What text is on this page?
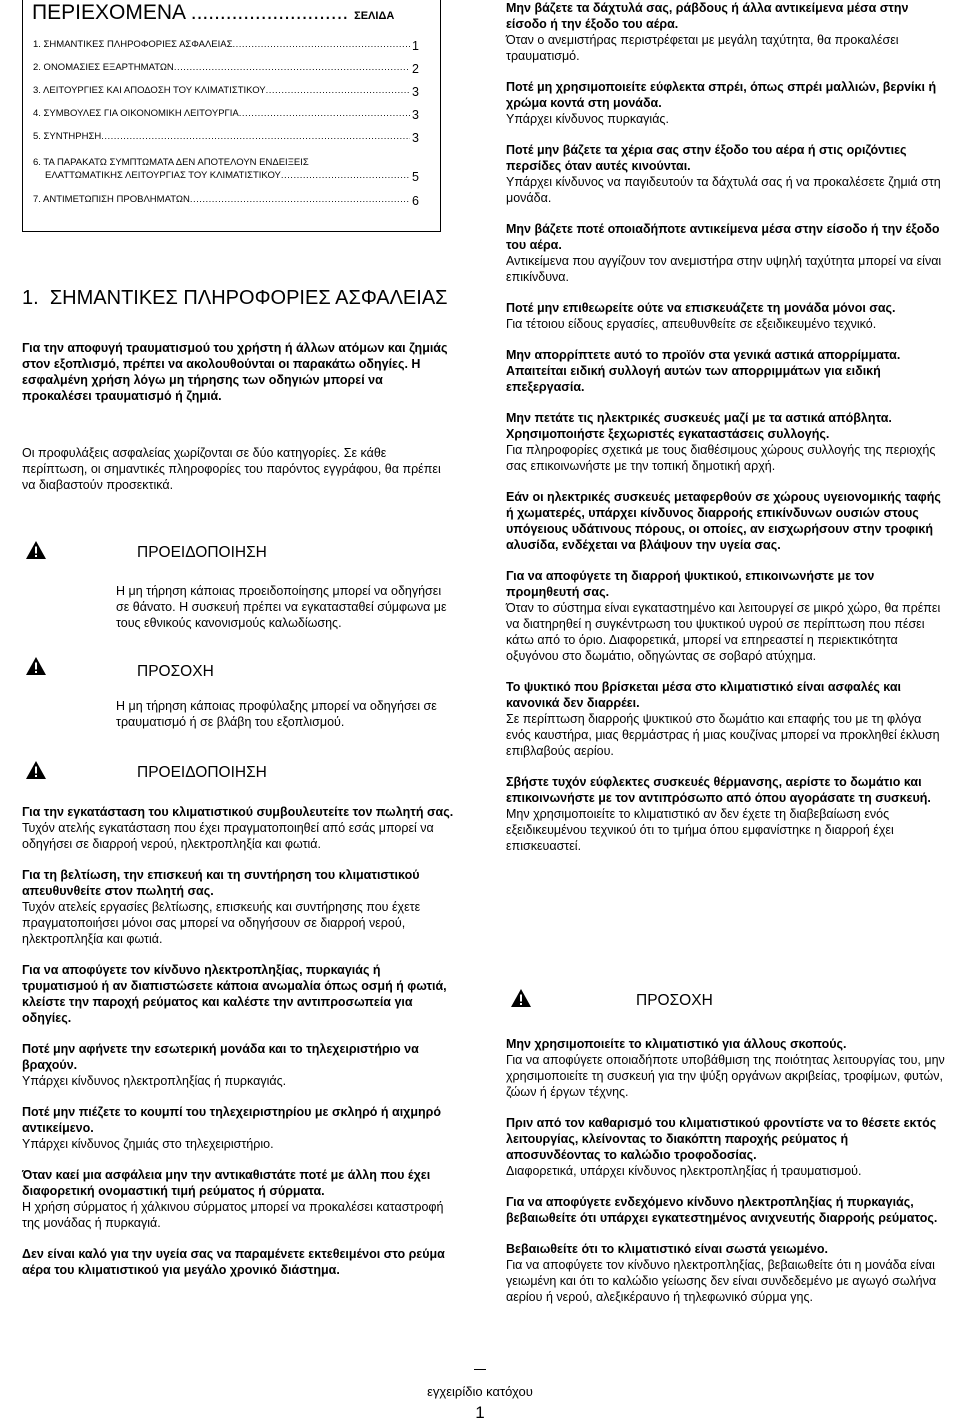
ΠΕΡΙΕΧΟΜΕΝΑ ........................... ΣΕΛΙΔΑ
1. ΣΗΜΑΝΤΙΚΕΣ ΠΛΗΡΟΦΟΡΙΕΣ ΑΣΦΑΛΕΙΑΣ .....	1
2. ΟΝΟΜΑΣΙΕΣ ΕΞΑΡΤΗΜΑΤΩΝ .....	2
3. ΛΕΙΤΟΥΡΓΙΕΣ ΚΑΙ ΑΠΟΔΟΣΗ ΤΟΥ ΚΛΙΜΑΤΙΣΤΙΚΟΥ .....	3
4. ΣΥΜΒΟΥΛΕΣ ΓΙΑ ΟΙΚΟΝΟΜΙΚΗ ΛΕΙΤΟΥΡΓΙΑ .....	3
5. ΣΥΝΤΗΡΗΣΗ .....	3
6. ΤΑ ΠΑΡΑΚΑΤΩ ΣΥΜΠΤΩΜΑΤΑ ΔΕΝ ΑΠΟΤΕΛΟΥΝ ΕΝΔΕΙΞΕΙΣ
ΕΛΑΤΤΩΜΑΤΙΚΗΣ ΛΕΙΤΟΥΡΓΙΑΣ ΤΟΥ ΚΛΙΜΑΤΙΣΤΙΚΟΥ .....	5
7. ΑΝΤΙΜΕΤΩΠΙΣΗ ΠΡΟΒΛΗΜΑΤΩΝ .....	6
1. ΣΗΜΑΝΤΙΚΕΣ ΠΛΗΡΟΦΟΡΙΕΣ ΑΣΦΑΛΕΙΑΣ
Για την αποφυγή τραυματισμού του χρήστη ή άλλων ατόμων και ζημιάς στον εξοπλισμό, πρέπει να ακολουθούνται οι παρακάτω οδηγίες. Η εσφαλμένη χρήση λόγω μη τήρησης των οδηγιών μπορεί να προκαλέσει τραυματισμό ή ζημιά.
Οι προφυλάξεις ασφαλείας χωρίζονται σε δύο κατηγορίες. Σε κάθε περίπτωση, οι σημαντικές πληροφορίες του παρόντος εγγράφου, θα πρέπει να διαβαστούν προσεκτικά.
ΠΡΟΕΙΔΟΠΟΙΗΣΗ
Η μη τήρηση κάποιας προειδοποίησης μπορεί να οδηγήσει σε θάνατο. Η συσκευή πρέπει να εγκατασταθεί σύμφωνα με τους εθνικούς κανονισμούς καλωδίωσης.
ΠΡΟΣΟΧΗ
Η μη τήρηση κάποιας προφύλαξης μπορεί να οδηγήσει σε τραυματισμό ή σε βλάβη του εξοπλισμού.
ΠΡΟΕΙΔΟΠΟΙΗΣΗ
Για την εγκατάσταση του κλιματιστικού συμβουλευτείτε τον πωλητή σας.
Τυχόν ατελής εγκατάσταση που έχει πραγματοποιηθεί από εσάς μπορεί να οδηγήσει σε διαρροή νερού, ηλεκτροπληξία και φωτιά.
Για τη βελτίωση, την επισκευή και τη συντήρηση του κλιματιστικού απευθυνθείτε στον πωλητή σας.
Τυχόν ατελείς εργασίες βελτίωσης, επισκευής και συντήρησης που έχετε πραγματοποιήσει μόνοι σας μπορεί να οδηγήσουν σε διαρροή νερού, ηλεκτροπληξία και φωτιά.
Για να αποφύγετε τον κίνδυνο ηλεκτροπληξίας, πυρκαγιάς ή τρυματισμού ή αν διαπιστώσετε κάποια ανωμαλία όπως οσμή ή φωτιά, κλείστε την παροχή ρεύματος και καλέστε την αντιπροσωπεία για οδηγίες.
Ποτέ μην αφήνετε την εσωτερική μονάδα και το τηλεχειριστήριο να βραχούν.
Υπάρχει κίνδυνος ηλεκτροπληξίας ή πυρκαγιάς.
Ποτέ μην πιέζετε το κουμπί του τηλεχειριστηρίου με σκληρό ή αιχμηρό αντικείμενο.
Υπάρχει κίνδυνος ζημιάς στο τηλεχειριστήριο.
Όταν καεί μια ασφάλεια μην την αντικαθιστάτε ποτέ με άλλη που έχει διαφορετική ονομαστική τιμή ρεύματος ή σύρματα.
Η χρήση σύρματος ή χάλκινου σύρματος μπορεί να προκαλέσει καταστροφή της μονάδας ή πυρκαγιά.
Δεν είναι καλό για την υγεία σας να παραμένετε εκτεθειμένοι στο ρεύμα αέρα του κλιματιστικού για μεγάλο χρονικό διάστημα.
Μην βάζετε τα δάχτυλά σας, ράβδους ή άλλα αντικείμενα μέσα στην είσοδο ή την έξοδο του αέρα.
Όταν ο ανεμιστήρας περιστρέφεται με μεγάλη ταχύτητα, θα προκαλέσει τραυματισμό.
Ποτέ μη χρησιμοποιείτε εύφλεκτα σπρέι, όπως σπρέι μαλλιών, βερνίκι ή χρώμα κοντά στη μονάδα.
Υπάρχει κίνδυνος πυρκαγιάς.
Ποτέ μην βάζετε τα χέρια σας στην έξοδο του αέρα ή στις οριζόντιες περσίδες όταν αυτές κινούνται.
Υπάρχει κίνδυνος να παγιδευτούν τα δάχτυλά σας ή να προκαλέσετε ζημιά στη μονάδα.
Μην βάζετε ποτέ οποιαδήποτε αντικείμενα μέσα στην είσοδο ή την έξοδο του αέρα.
Αντικείμενα που αγγίζουν τον ανεμιστήρα στην υψηλή ταχύτητα μπορεί να είναι επικίνδυνα.
Ποτέ μην επιθεωρείτε ούτε να επισκευάζετε τη μονάδα μόνοι σας.
Για τέτοιου είδους εργασίες, απευθυνθείτε σε εξειδικευμένο τεχνικό.
Μην απορρίπτετε αυτό το προϊόν στα γενικά αστικά απορρίμματα. Απαιτείται ειδική συλλογή αυτών των απορριμμάτων για ειδική επεξεργασία.
Μην πετάτε τις ηλεκτρικές συσκευές μαζί με τα αστικά απόβλητα. Χρησιμοποιήστε ξεχωριστές εγκαταστάσεις συλλογής.
Για πληροφορίες σχετικά με τους διαθέσιμους χώρους συλλογής της περιοχής σας επικοινωνήστε με την τοπική δημοτική αρχή.
Εάν οι ηλεκτρικές συσκευές μεταφερθούν σε χώρους υγειονομικής ταφής ή χωματερές, υπάρχει κίνδυνος διαρροής επικίνδυνων ουσιών στους υπόγειους υδάτινους πόρους, οι οποίες, αν εισχωρήσουν στην τροφική αλυσίδα, ενδέχεται να βλάψουν την υγεία σας.
Για να αποφύγετε τη διαρροή ψυκτικού, επικοινωνήστε με τον προμηθευτή σας.
Όταν το σύστημα είναι εγκαταστημένο και λειτουργεί σε μικρό χώρο, θα πρέπει να διατηρηθεί η συγκέντρωση του ψυκτικού υγρού σε περίπτωση που πέσει κάτω από το όριο. Διαφορετικά, μπορεί να επηρεαστεί η περιεκτικότητα οξυγόνου στο δωμάτιο, οδηγώντας σε σοβαρό ατύχημα.
Το ψυκτικό που βρίσκεται μέσα στο κλιματιστικό είναι ασφαλές και κανονικά δεν διαρρέει.
Σε περίπτωση διαρροής ψυκτικού στο δωμάτιο και επαφής του με τη φλόγα ενός καυστήρα, μιας θερμάστρας ή μιας κουζίνας μπορεί να προκληθεί έκλυση επιβλαβούς αερίου.
Σβήστε τυχόν εύφλεκτες συσκευές θέρμανσης, αερίστε το δωμάτιο και επικοινωνήστε με τον αντιπρόσωπο από όπου αγοράσατε τη συσκευή.
Μην χρησιμοποιείτε το κλιματιστικό αν δεν έχετε τη διαβεβαίωση ενός εξειδικευμένου τεχνικού ότι το τμήμα όπου εμφανίστηκε η διαρροή έχει επισκευαστεί.
ΠΡΟΣΟΧΗ
Μην χρησιμοποιείτε το κλιματιστικό για άλλους σκοπούς.
Για να αποφύγετε οποιαδήποτε υποβάθμιση της ποιότητας λειτουργίας του, μην χρησιμοποιείτε τη συσκευή για την ψύξη οργάνων ακριβείας, τροφίμων, φυτών, ζώων ή έργων τέχνης.
Πριν από τον καθαρισμό του κλιματιστικού φροντίστε να το θέσετε εκτός λειτουργίας, κλείνοντας το διακόπτη παροχής ρεύματος ή αποσυνδέοντας το καλώδιο τροφοδοσίας.
Διαφορετικά, υπάρχει κίνδυνος ηλεκτροπληξίας ή τραυματισμού.
Για να αποφύγετε ενδεχόμενο κίνδυνο ηλεκτροπληξίας ή πυρκαγιάς, βεβαιωθείτε ότι υπάρχει εγκατεστημένος ανιχνευτής διαρροής ρεύματος.
Βεβαιωθείτε ότι το κλιματιστικό είναι σωστά γειωμένο.
Για να αποφύγετε τον κίνδυνο ηλεκτροπληξίας, βεβαιωθείτε ότι η μονάδα είναι γειωμένη και ότι το καλώδιο γείωσης δεν είναι συνδεδεμένο με αγωγό σωλήνα αερίου ή νερού, αλεξικέραυνο ή τηλεφωνικό σύρμα γης.
εγχειρίδιο κατόχου
1
